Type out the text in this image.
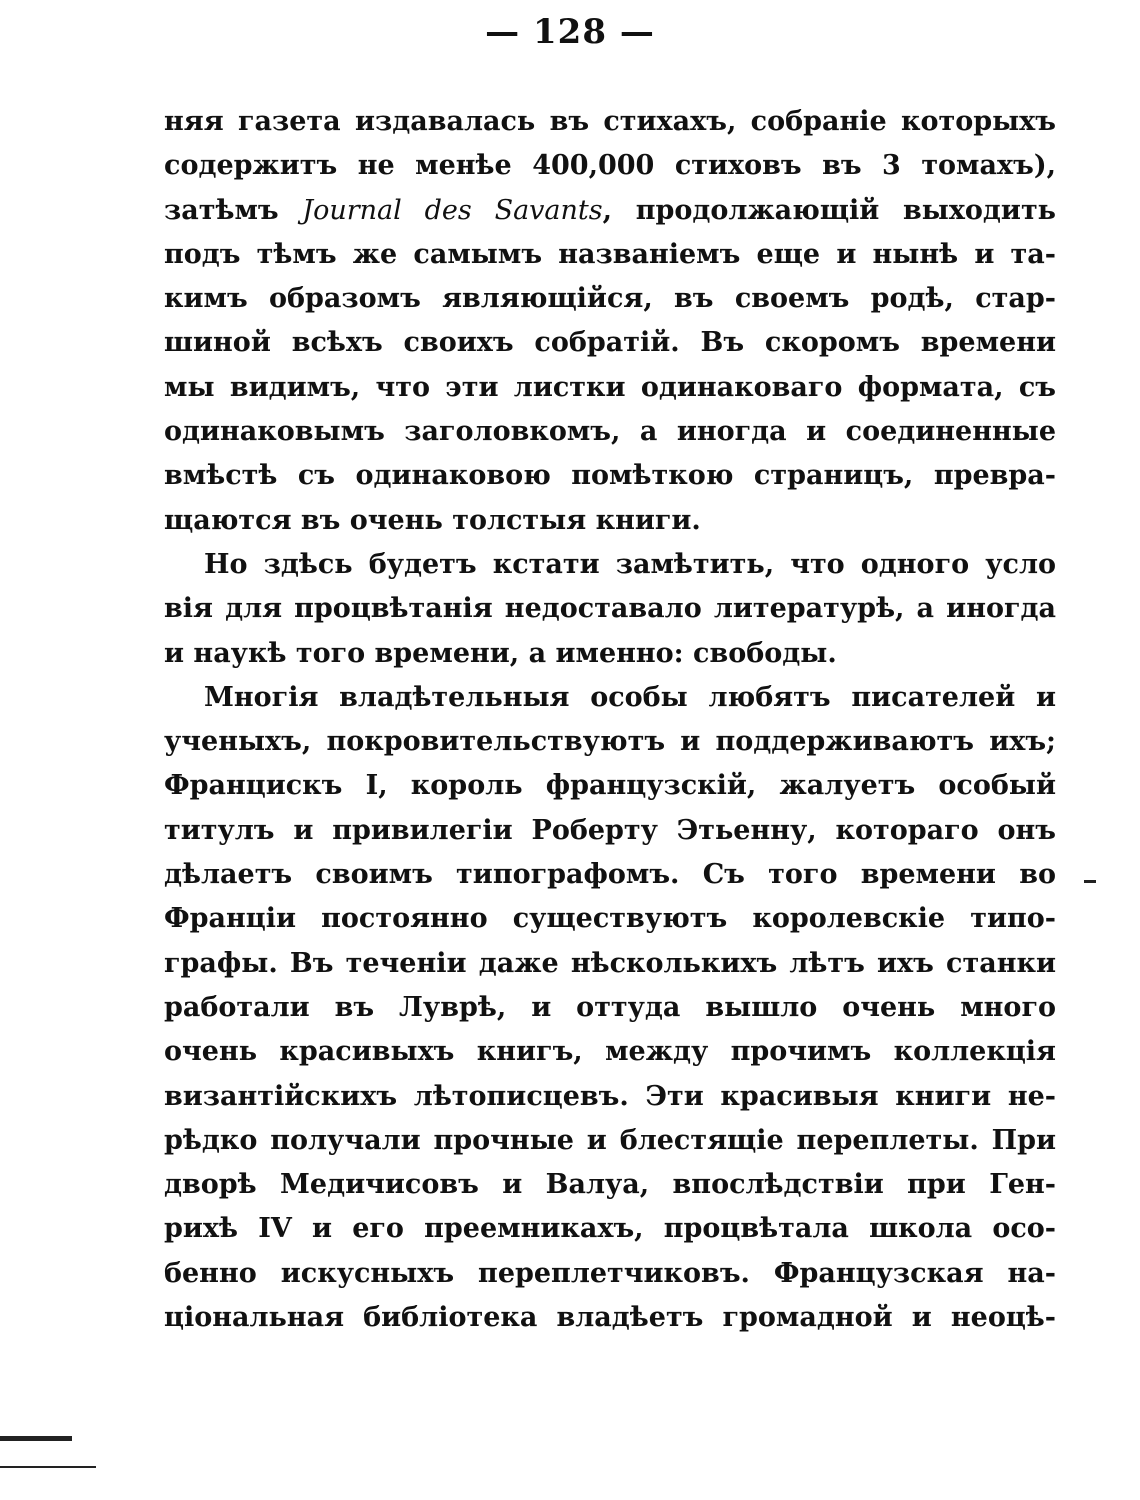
— 128 —
няя газета издавалась въ стихахъ, собраніе которыхъ
содержитъ не менѣе 400,000 стиховъ въ 3 томахъ),
затѣмъ Journal des Savants, продолжающій выходить
подъ тѣмъ же самымъ названіемъ еще и нынѣ и та-
кимъ образомъ являющійся, въ своемъ родѣ, стар-
шиной всѣхъ своихъ собратій. Въ скоромъ времени
мы видимъ, что эти листки одинаковаго формата, съ
одинаковымъ заголовкомъ, а иногда и соединенные
вмѣстѣ съ одинаковою помѣткою страницъ, превра-
щаются въ очень толстыя книги.
Но здѣсь будетъ кстати замѣтить, что одного усло
вія для процвѣтанія недоставало литературѣ, а иногда
и наукѣ того времени, а именно: свободы.
Многія владѣтельныя особы любятъ писателей и
ученыхъ, покровительствуютъ и поддерживаютъ ихъ;
Францискъ I, король французскій, жалуетъ особый
титулъ и привилегіи Роберту Этьенну, котораго онъ
дѣлаетъ своимъ типографомъ. Съ того времени во
Франціи постоянно существуютъ королевскіе типо-
графы. Въ теченіи даже нѣсколькихъ лѣтъ ихъ станки
работали въ Луврѣ, и оттуда вышло очень много
очень красивыхъ книгъ, между прочимъ коллекція
византійскихъ лѣтописцевъ. Эти красивыя книги не-
рѣдко получали прочные и блестящіе переплеты. При
дворѣ Медичисовъ и Валуа, впослѣдствіи при Ген-
рихѣ IV и его преемникахъ, процвѣтала школа осо-
бенно искусныхъ переплетчиковъ. Французская на-
ціональная библіотека владѣетъ громадной и неоцѣ-
